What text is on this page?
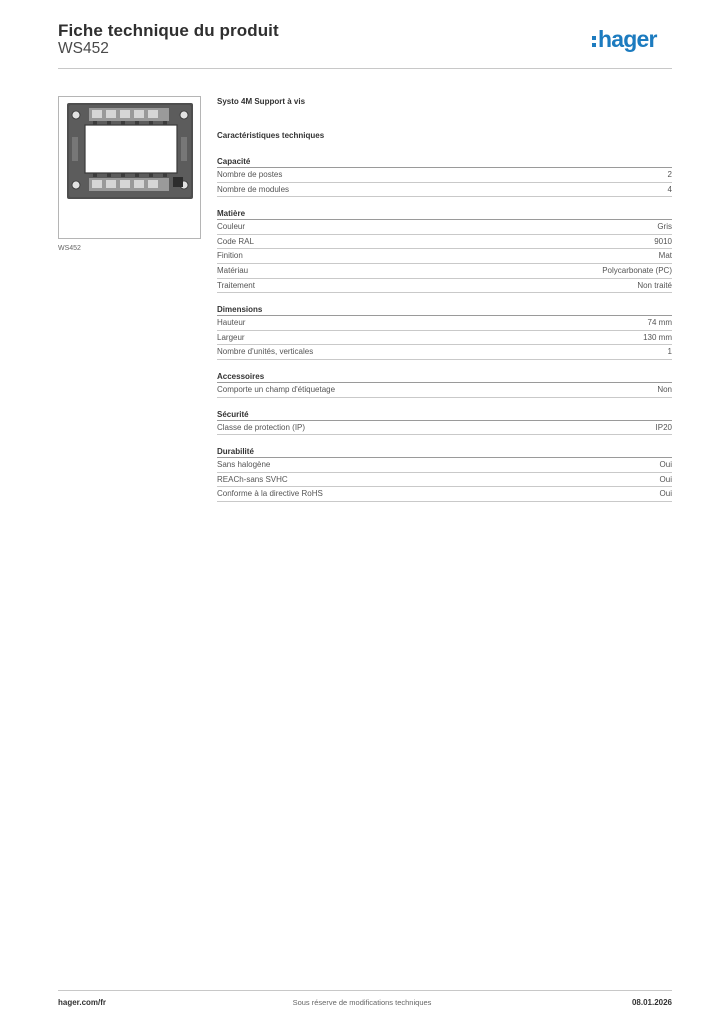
Fiche technique du produit
WS452	hager
WS452
Systo 4M Support à vis
Caractéristiques techniques
Capacité
Nombre de postes	2
Nombre de modules	4
Matière
Couleur	Gris
Code RAL	9010
Finition	Mat
Matériau	Polycarbonate (PC)
Traitement	Non traité
Dimensions
Hauteur	74 mm
Largeur	130 mm
Nombre d'unités, verticales	1
Accessoires
Comporte un champ d'étiquetage	Non
Sécurité
Classe de protection (IP)	IP20
Durabilité
Sans halogène	Oui
REACh-sans SVHC	Oui
Conforme à la directive RoHS	Oui
hager.com/fr	Sous réserve de modifications techniques	08.01.2026
